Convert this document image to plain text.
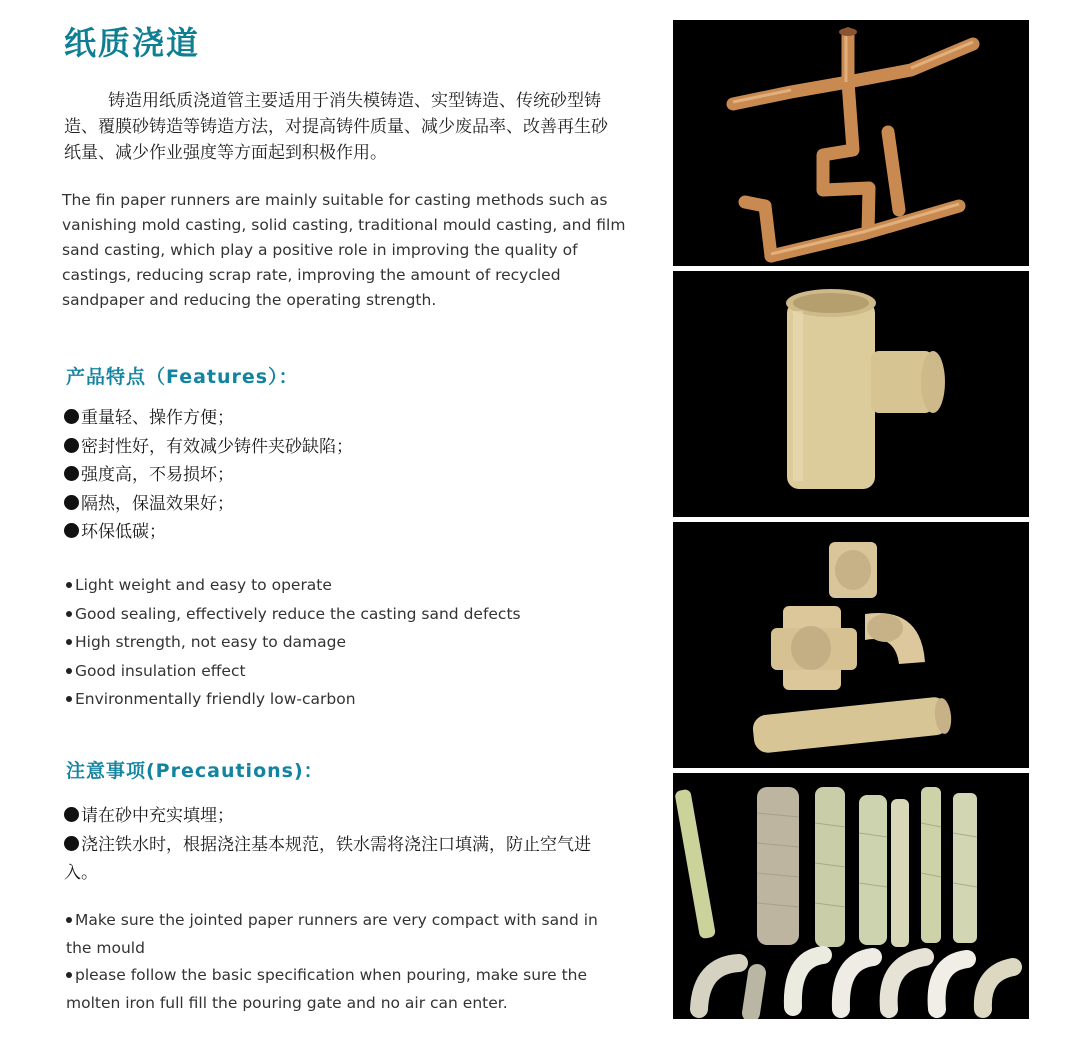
纸质浇道

铸造用纸质浇道管主要适用于消失模铸造、实型铸造、传统砂型铸造、覆膜砂铸造等铸造方法，对提高铸件质量、减少废品率、改善再生砂纸量、减少作业强度等方面起到积极作用。

The fin paper runners are mainly suitable for casting methods such as vanishing mold casting, solid casting, traditional mould casting, and film sand casting, which play a positive role in improving the quality of castings, reducing scrap rate, improving the amount of recycled sandpaper and reducing the operating strength.

产品特点（Features）：
重量轻、操作方便；
密封性好，有效减少铸件夹砂缺陷；
强度高，不易损坏；
隔热，保温效果好；
环保低碳；
Light weight and easy to operate
Good sealing, effectively reduce the casting sand defects
High strength, not easy to damage
Good insulation effect
Environmentally friendly low-carbon
注意事项(Precautions)：
请在砂中充实填埋；
浇注铁水时，根据浇注基本规范，铁水需将浇注口填满，防止空气进入。
Make sure the jointed paper runners are very compact with sand in the mould
please follow the basic specification when pouring, make sure the molten iron full fill the pouring gate and no air can enter.
